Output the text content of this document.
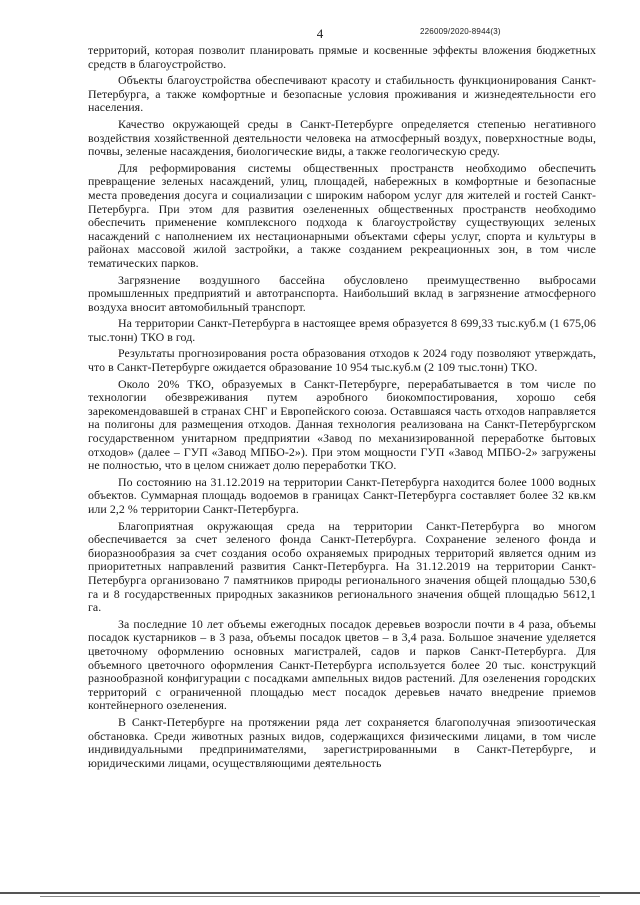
4	226009/2020-8944(3)

территорий, которая позволит планировать прямые и косвенные эффекты вложения бюджетных средств в благоустройство.

Объекты благоустройства обеспечивают красоту и стабильность функционирования Санкт-Петербурга, а также комфортные и безопасные условия проживания и жизнедеятельности его населения.

Качество окружающей среды в Санкт-Петербурге определяется степенью негативного воздействия хозяйственной деятельности человека на атмосферный воздух, поверхностные воды, почвы, зеленые насаждения, биологические виды, а также геологическую среду.

Для реформирования системы общественных пространств необходимо обеспечить превращение зеленых насаждений, улиц, площадей, набережных в комфортные и безопасные места проведения досуга и социализации с широким набором услуг для жителей и гостей Санкт-Петербурга. При этом для развития озелененных общественных пространств необходимо обеспечить применение комплексного подхода к благоустройству существующих зеленых насаждений с наполнением их нестационарными объектами сферы услуг, спорта и культуры в районах массовой жилой застройки, а также созданием рекреационных зон, в том числе тематических парков.

Загрязнение воздушного бассейна обусловлено преимущественно выбросами промышленных предприятий и автотранспорта. Наибольший вклад в загрязнение атмосферного воздуха вносит автомобильный транспорт.

На территории Санкт-Петербурга в настоящее время образуется 8 699,33 тыс.куб.м (1 675,06 тыс.тонн) ТКО в год.

Результаты прогнозирования роста образования отходов к 2024 году позволяют утверждать, что в Санкт-Петербурге ожидается образование 10 954 тыс.куб.м (2 109 тыс.тонн) ТКО.

Около 20% ТКО, образуемых в Санкт-Петербурге, перерабатывается в том числе по технологии обезвреживания путем аэробного биокомпостирования, хорошо себя зарекомендовавшей в странах СНГ и Европейского союза. Оставшаяся часть отходов направляется на полигоны для размещения отходов. Данная технология реализована на Санкт-Петербургском государственном унитарном предприятии «Завод по механизированной переработке бытовых отходов» (далее – ГУП «Завод МПБО-2»). При этом мощности ГУП «Завод МПБО-2» загружены не полностью, что в целом снижает долю переработки ТКО.

По состоянию на 31.12.2019 на территории Санкт-Петербурга находится более 1000 водных объектов. Суммарная площадь водоемов в границах Санкт-Петербурга составляет более 32 кв.км или 2,2 % территории Санкт-Петербурга.

Благоприятная окружающая среда на территории Санкт-Петербурга во многом обеспечивается за счет зеленого фонда Санкт-Петербурга. Сохранение зеленого фонда и биоразнообразия за счет создания особо охраняемых природных территорий является одним из приоритетных направлений развития Санкт-Петербурга. На 31.12.2019 на территории Санкт-Петербурга организовано 7 памятников природы регионального значения общей площадью 530,6 га и 8 государственных природных заказников регионального значения общей площадью 5612,1 га.

За последние 10 лет объемы ежегодных посадок деревьев возросли почти в 4 раза, объемы посадок кустарников – в 3 раза, объемы посадок цветов – в 3,4 раза. Большое значение уделяется цветочному оформлению основных магистралей, садов и парков Санкт-Петербурга. Для объемного цветочного оформления Санкт-Петербурга используется более 20 тыс. конструкций разнообразной конфигурации с посадками ампельных видов растений. Для озеленения городских территорий с ограниченной площадью мест посадок деревьев начато внедрение приемов контейнерного озеленения.

В Санкт-Петербурге на протяжении ряда лет сохраняется благополучная эпизоотическая обстановка. Среди животных разных видов, содержащихся физическими лицами, в том числе индивидуальными предпринимателями, зарегистрированными в Санкт-Петербурге, и юридическими лицами, осуществляющими деятельность
